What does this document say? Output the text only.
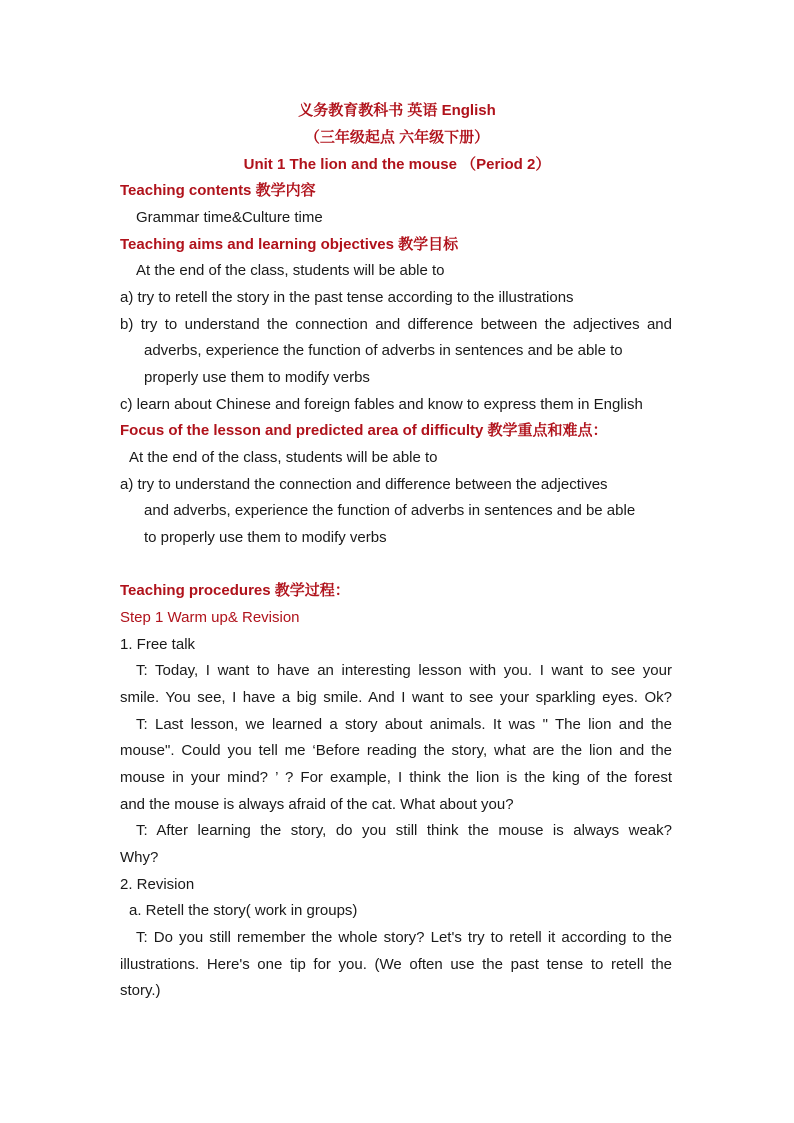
义务教育教科书 英语 English
（三年级起点 六年级下册）
Unit 1 The lion and the mouse （Period 2）
Teaching contents 教学内容
Grammar time&Culture time
Teaching aims and learning objectives 教学目标
At the end of the class, students will be able to
a) try to retell the story in the past tense according to the illustrations
b) try to understand the connection and difference between the adjectives and
adverbs, experience the function of adverbs in sentences and be able to
properly use them to modify verbs
c) learn about Chinese and foreign fables and know to express them in English
Focus of the lesson and predicted area of difficulty 教学重点和难点：
At the end of the class, students will be able to
a) try to understand the connection and difference between the adjectives
and adverbs, experience the function of adverbs in sentences and be able
to properly use them to modify verbs
Teaching procedures 教学过程：
Step 1 Warm up& Revision
1. Free talk
T: Today, I want to have an interesting lesson with you. I want to see your
smile. You see, I have a big smile. And I want to see your sparkling eyes. Ok?
T: Last lesson, we learned a story about animals. It was " The lion and the
mouse". Could you tell me ‘Before reading the story, what are the lion and the
mouse in your mind? ’ ? For example, I think the lion is the king of the forest
and the mouse is always afraid of the cat. What about you?
T: After learning the story, do you still think the mouse is always weak?
Why?
2. Revision
a. Retell the story( work in groups)
T: Do you still remember the whole story? Let's try to retell it according to the
illustrations. Here's one tip for you. (We often use the past tense to retell the
story.)
